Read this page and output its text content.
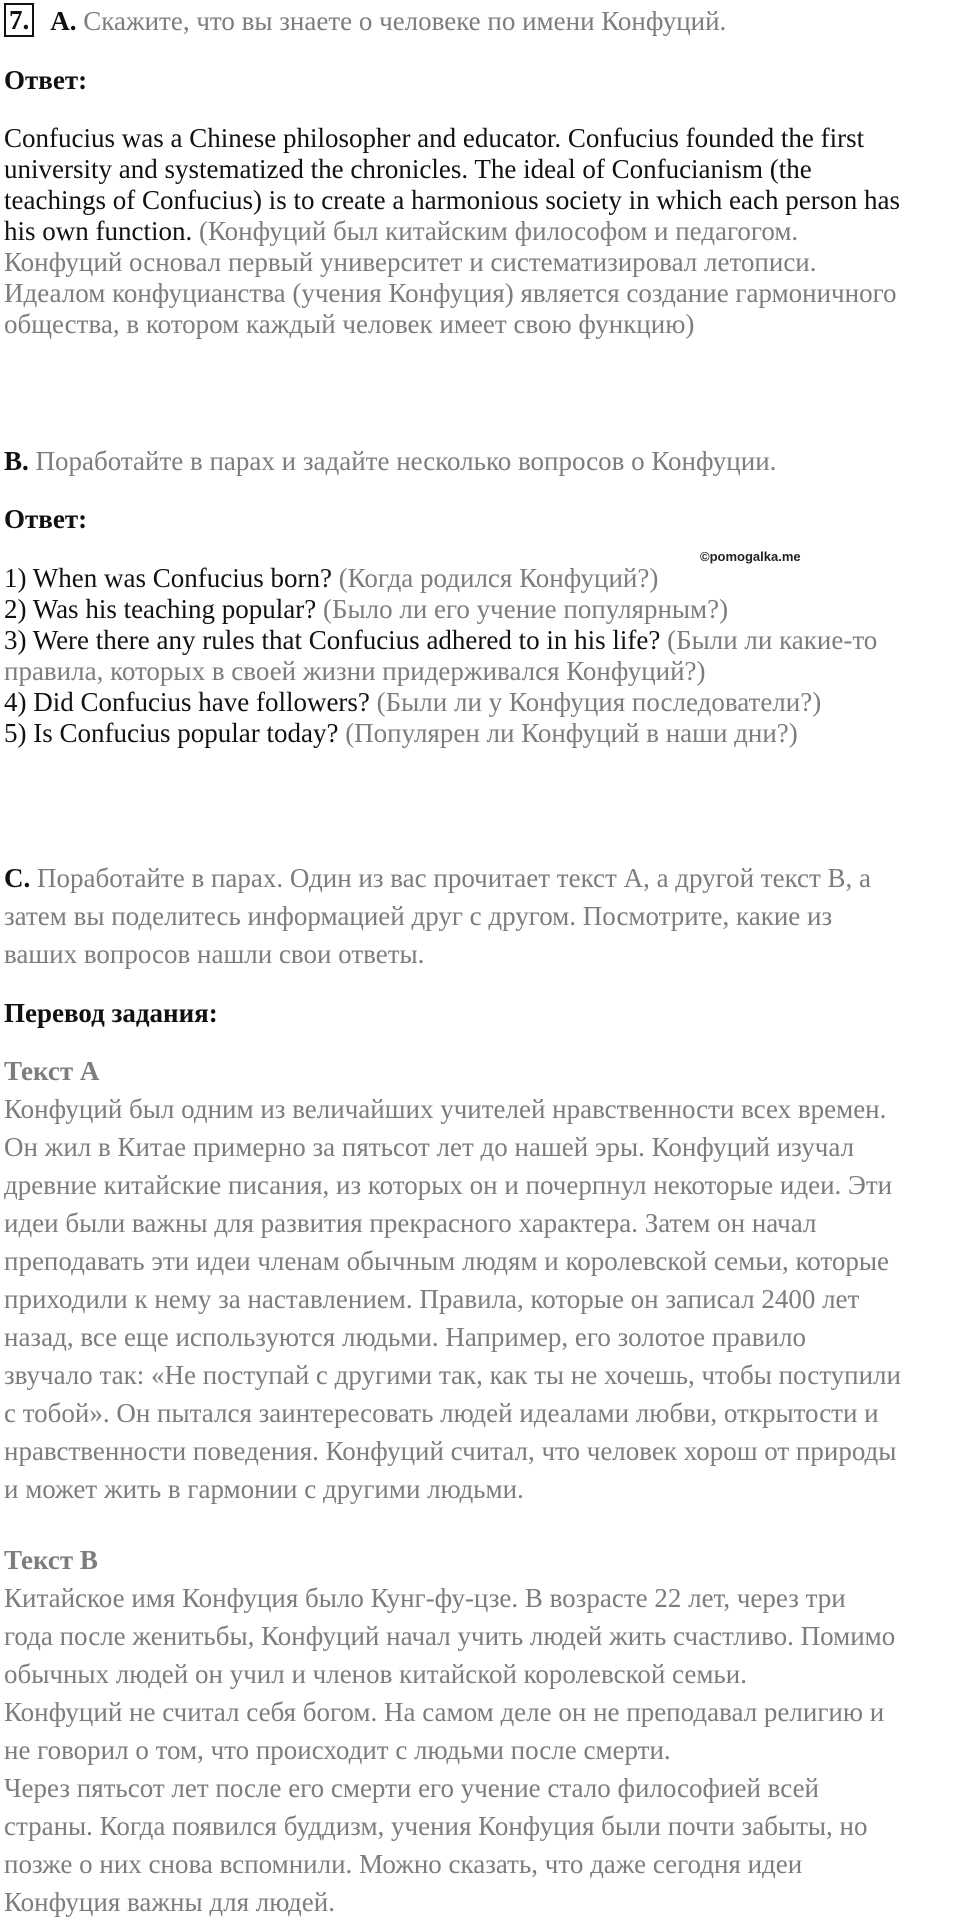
7. A. Скажите, что вы знаете о человеке по имени Конфуций.
Ответ:
Confucius was a Chinese philosopher and educator. Confucius founded the first
university and systematized the chronicles. The ideal of Confucianism (the
teachings of Confucius) is to create a harmonious society in which each person has
his own function. (Конфуций был китайским философом и педагогом.
Конфуций основал первый университет и систематизировал летописи.
Идеалом конфуцианства (учения Конфуция) является создание гармоничного
общества, в котором каждый человек имеет свою функцию)
B. Поработайте в парах и задайте несколько вопросов о Конфуции.
Ответ:
©pomogalka.me
1) When was Confucius born? (Когда родился Конфуций?)
2) Was his teaching popular? (Было ли его учение популярным?)
3) Were there any rules that Confucius adhered to in his life? (Были ли какие-то
правила, которых в своей жизни придерживался Конфуций?)
4) Did Confucius have followers? (Были ли у Конфуция последователи?)
5) Is Confucius popular today? (Популярен ли Конфуций в наши дни?)
C. Поработайте в парах. Один из вас прочитает текст А, а другой текст В, а
затем вы поделитесь информацией друг с другом. Посмотрите, какие из
ваших вопросов нашли свои ответы.
Перевод задания:
Текст А
Конфуций был одним из величайших учителей нравственности всех времен.
Он жил в Китае примерно за пятьсот лет до нашей эры. Конфуций изучал
древние китайские писания, из которых он и почерпнул некоторые идеи. Эти
идеи были важны для развития прекрасного характера. Затем он начал
преподавать эти идеи членам обычным людям и королевской семьи, которые
приходили к нему за наставлением. Правила, которые он записал 2400 лет
назад, все еще используются людьми. Например, его золотое правило
звучало так: «Не поступай с другими так, как ты не хочешь, чтобы поступили
с тобой». Он пытался заинтересовать людей идеалами любви, открытости и
нравственности поведения. Конфуций считал, что человек хорош от природы
и может жить в гармонии с другими людьми.
Текст В
Китайское имя Конфуция было Кунг-фу-цзе. В возрасте 22 лет, через три
года после женитьбы, Конфуций начал учить людей жить счастливо. Помимо
обычных людей он учил и членов китайской королевской семьи.
Конфуций не считал себя богом. На самом деле он не преподавал религию и
не говорил о том, что происходит с людьми после смерти.
Через пятьсот лет после его смерти его учение стало философией всей
страны. Когда появился буддизм, учения Конфуция были почти забыты, но
позже о них снова вспомнили. Можно сказать, что даже сегодня идеи
Конфуция важны для людей.
